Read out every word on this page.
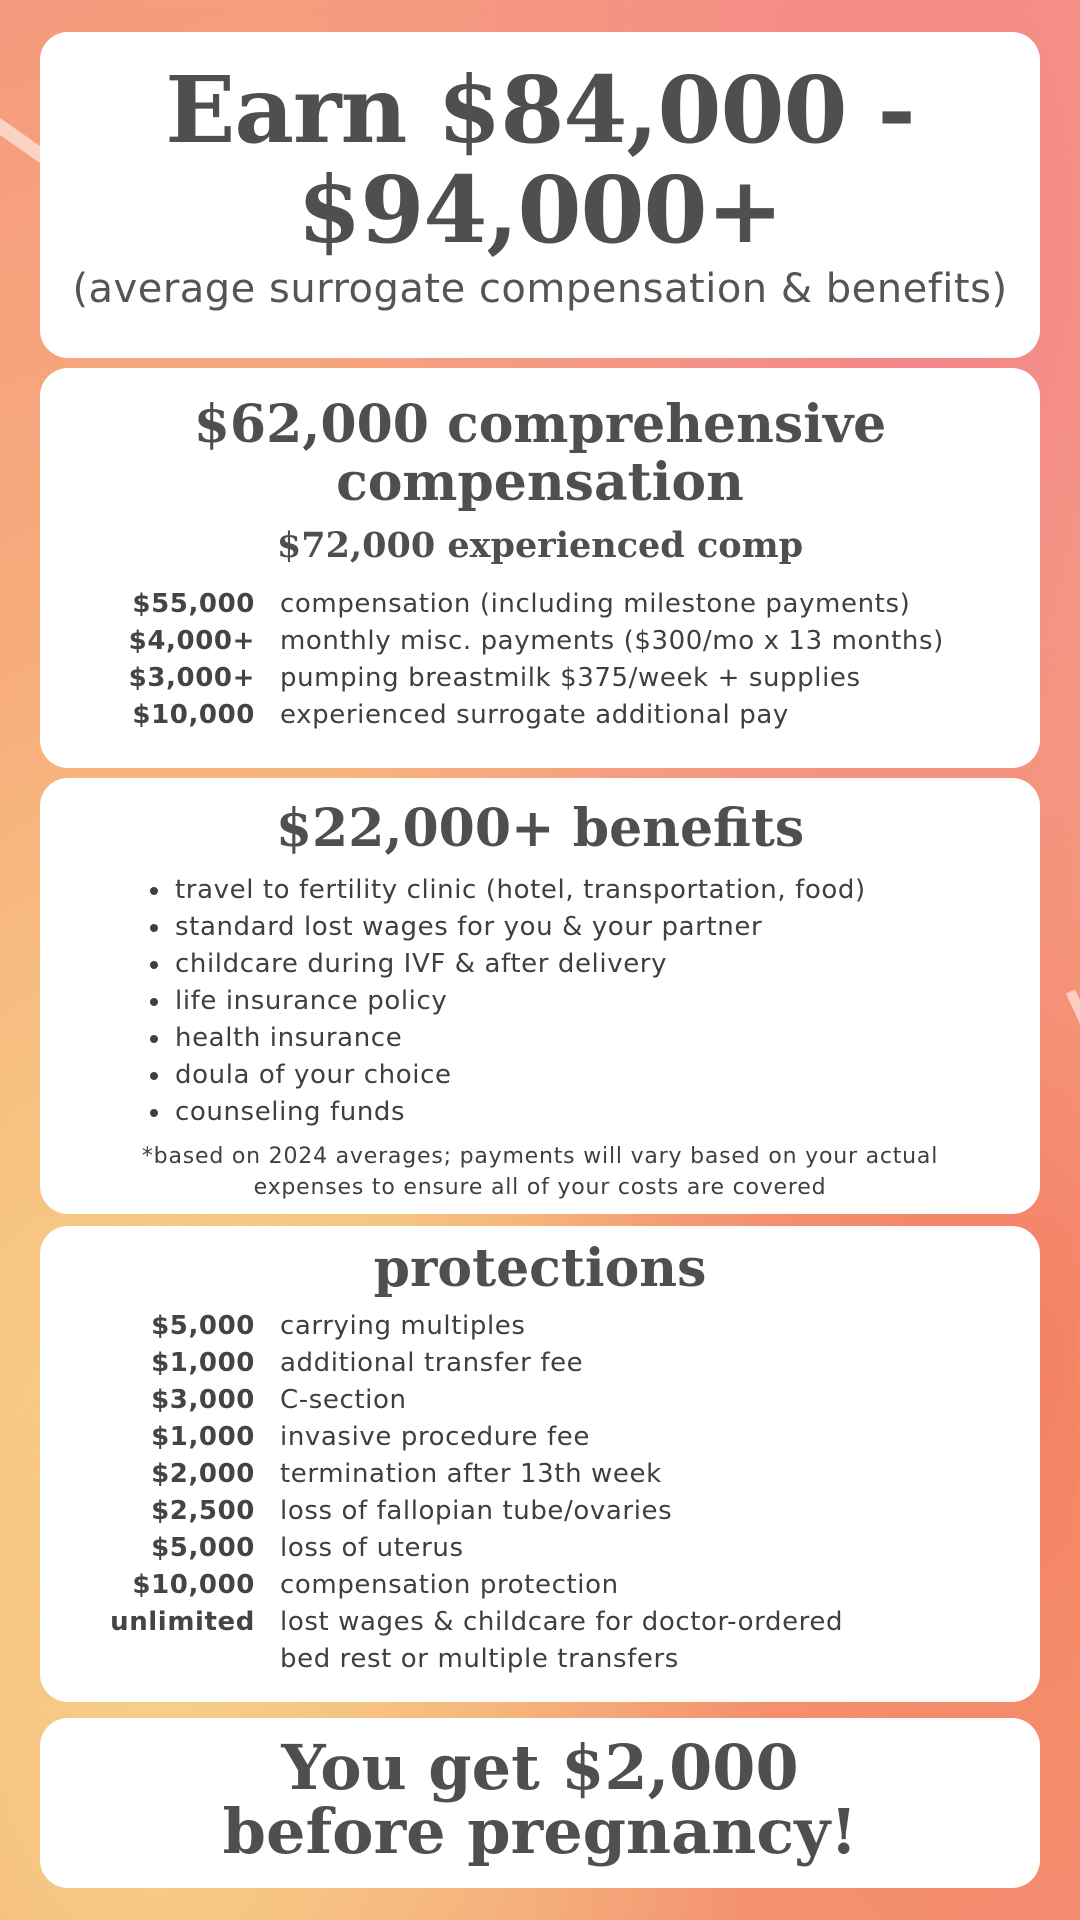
Earn $84,000 -
$94,000+
(average surrogate compensation & benefits)
$62,000 comprehensive
compensation
$72,000 experienced comp
$55,000 compensation (including milestone payments)
$4,000+ monthly misc. payments ($300/mo x 13 months)
$3,000+ pumping breastmilk $375/week + supplies
$10,000 experienced surrogate additional pay
$22,000+ benefits
travel to fertility clinic (hotel, transportation, food)
standard lost wages for you & your partner
childcare during IVF & after delivery
life insurance policy
health insurance
doula of your choice
counseling funds
*based on 2024 averages; payments will vary based on your actual
expenses to ensure all of your costs are covered
protections
$5,000 carrying multiples
$1,000 additional transfer fee
$3,000 C-section
$1,000 invasive procedure fee
$2,000 termination after 13th week
$2,500 loss of fallopian tube/ovaries
$5,000 loss of uterus
$10,000 compensation protection
unlimited lost wages & childcare for doctor-ordered
bed rest or multiple transfers
You get $2,000
before pregnancy!
